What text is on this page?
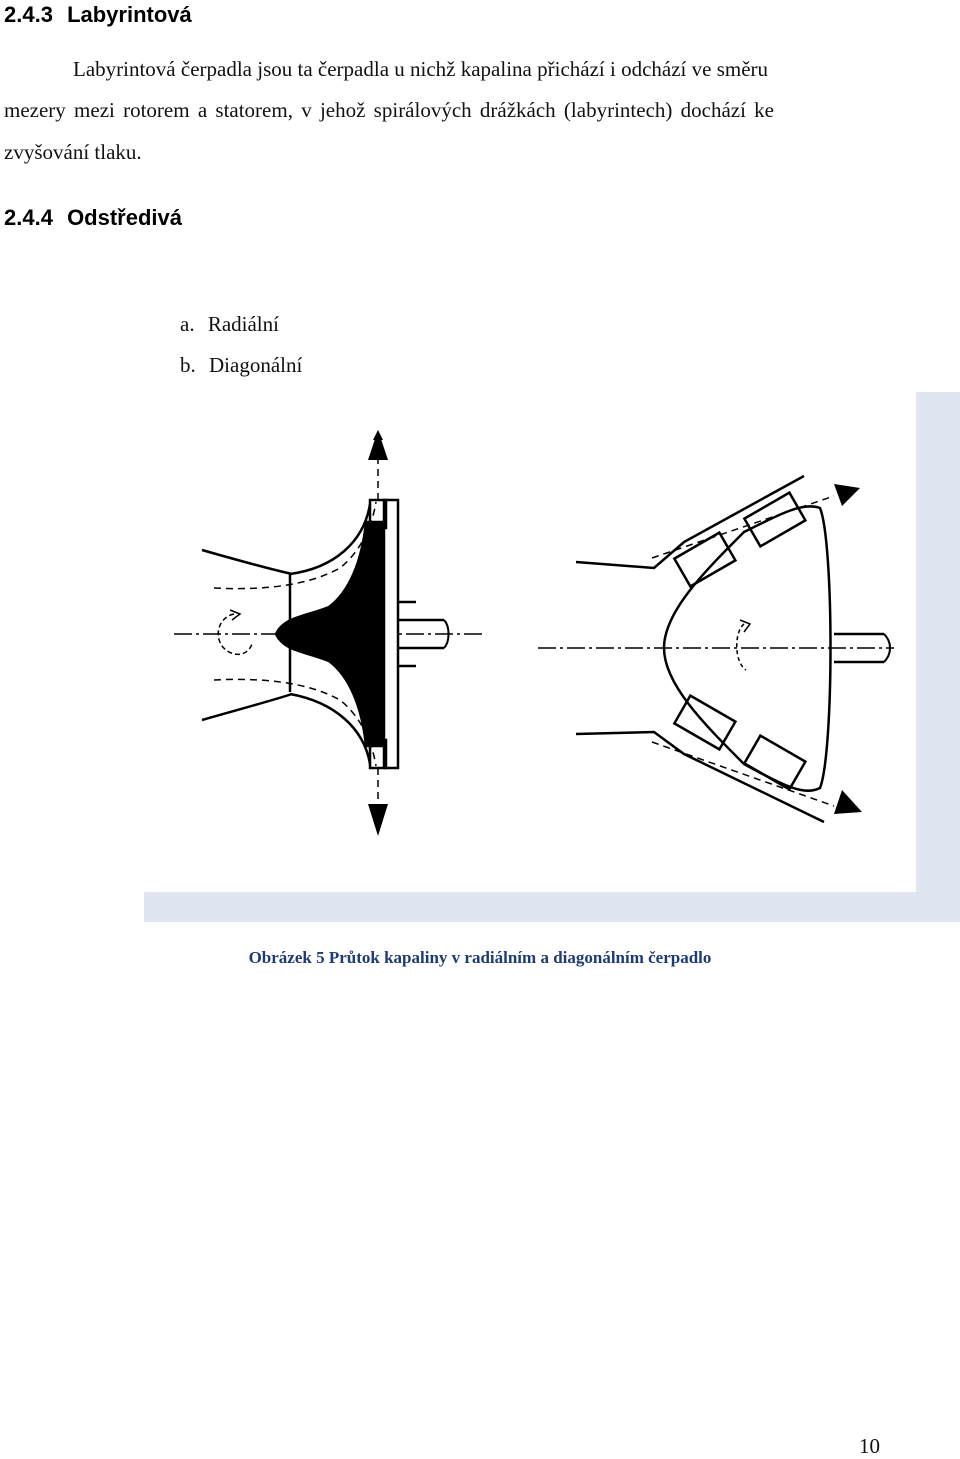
2.4.3 Labyrintová
Labyrintová čerpadla jsou ta čerpadla u nichž kapalina přichází i odchází ve směru
mezery mezi rotorem a statorem, v jehož spirálových drážkách (labyrintech) dochází ke
zvyšování tlaku.
2.4.4 Odstředivá
a. Radiální
b. Diagonální
Obrázek 5 Průtok kapaliny v radiálním a diagonálním čerpadlo
10
